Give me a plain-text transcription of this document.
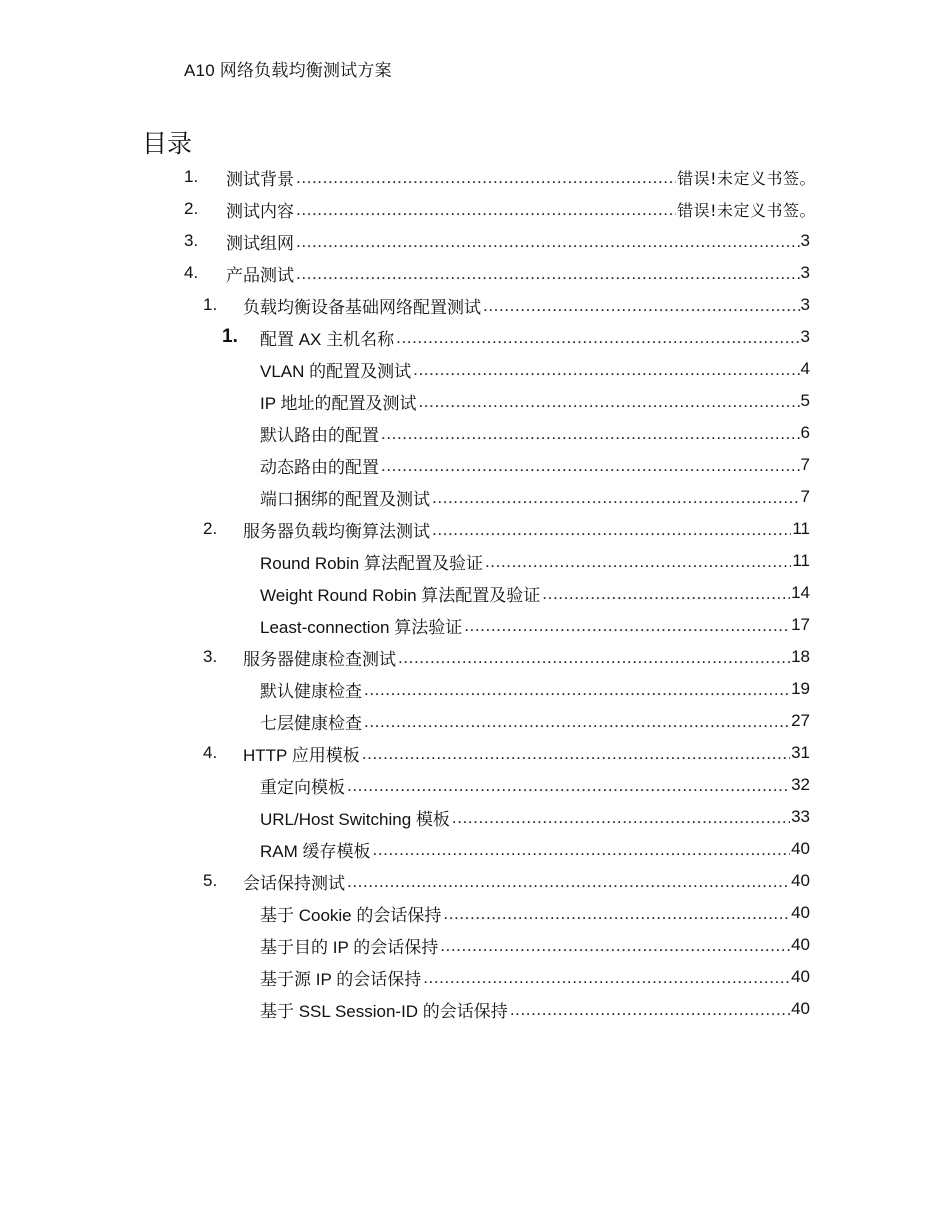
A10 网络负载均衡测试方案
目录
1. 测试背景 .....	错误!未定义书签。
2. 测试内容 .....	错误!未定义书签。
3. 测试组网 .....	3
4. 产品测试 .....	3
1. 负载均衡设备基础网络配置测试 .....	3
1. 配置 AX 主机名称 .....	3
VLAN 的配置及测试 .....	4
IP 地址的配置及测试 .....	5
默认路由的配置 .....	6
动态路由的配置 .....	7
端口捆绑的配置及测试 .....	7
2. 服务器负载均衡算法测试 .....	11
Round Robin 算法配置及验证 .....	11
Weight Round Robin 算法配置及验证 .....	14
Least-connection 算法验证 .....	17
3. 服务器健康检查测试 .....	18
默认健康检查 .....	19
七层健康检查 .....	27
4. HTTP 应用模板 .....	31
重定向模板 .....	32
URL/Host Switching 模板 .....	33
RAM 缓存模板 .....	40
5. 会话保持测试 .....	40
基于 Cookie 的会话保持 .....	40
基于目的 IP 的会话保持 .....	40
基于源 IP 的会话保持 .....	40
基于 SSL Session-ID 的会话保持 .....	40
